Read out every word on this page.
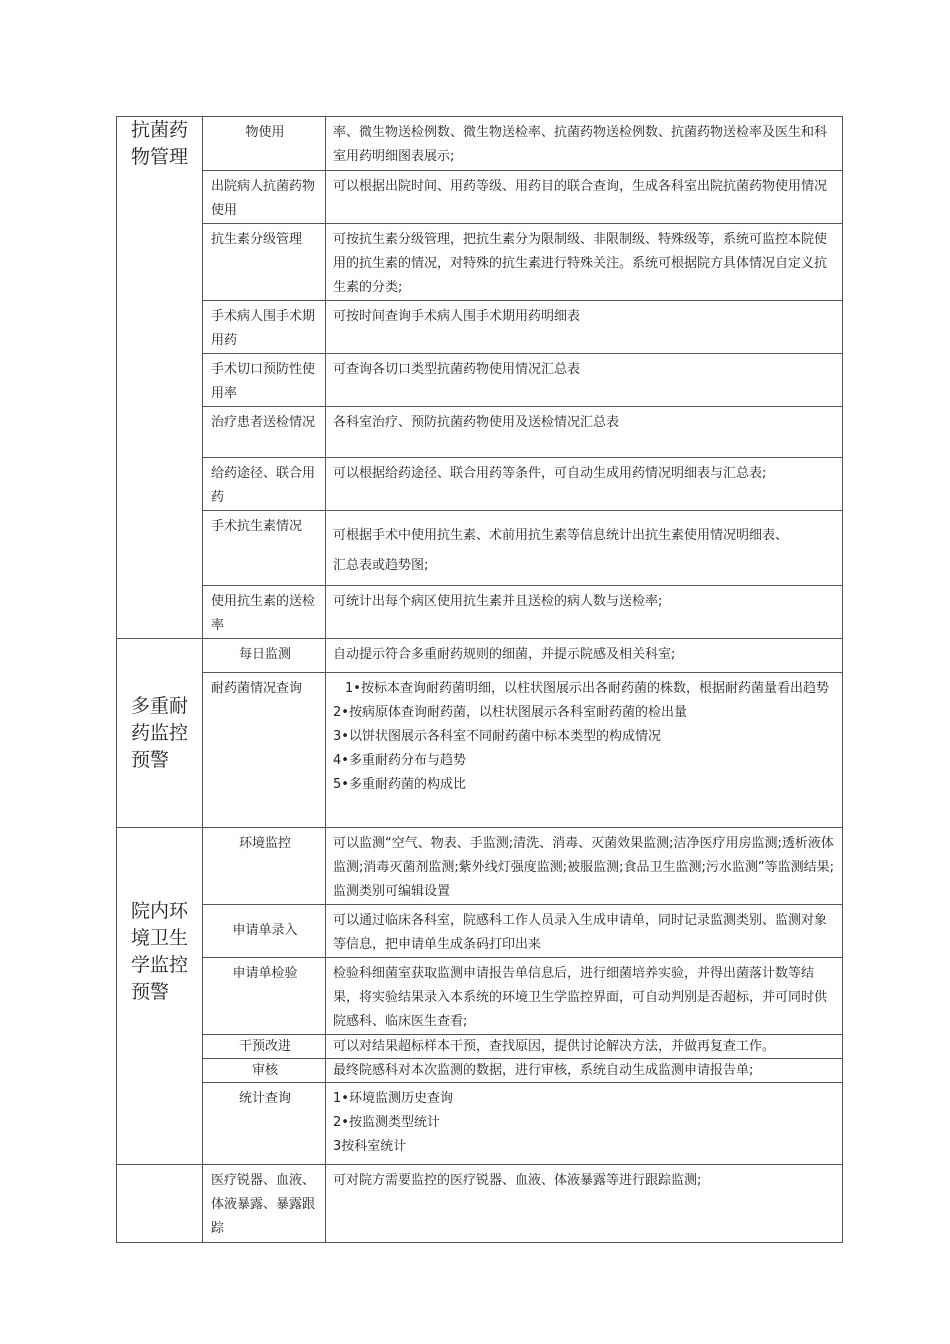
抗菌药物管理	物使用	率、微生物送检例数、微生物送检率、抗菌药物送检例数、抗菌药物送检率及医生和科室用药明细图表展示;
	出院病人抗菌药物使用	可以根据出院时间、用药等级、用药目的联合查询，生成各科室出院抗菌药物使用情况
	抗生素分级管理	可按抗生素分级管理，把抗生素分为限制级、非限制级、特殊级等，系统可监控本院使用的抗生素的情况，对特殊的抗生素进行特殊关注。系统可根据院方具体情况自定义抗生素的分类;
	手术病人围手术期用药	可按时间查询手术病人围手术期用药明细表
	手术切口预防性使用率	可查询各切口类型抗菌药物使用情况汇总表
	治疗患者送检情况	各科室治疗、预防抗菌药物使用及送检情况汇总表
	给药途径、联合用药	可以根据给药途径、联合用药等条件，可自动生成用药情况明细表与汇总表;
	手术抗生素情况	可根据手术中使用抗生素、术前用抗生素等信息统计出抗生素使用情况明细表、
汇总表或趋势图;

	使用抗生素的送检率	可统计出每个病区使用抗生素并且送检的病人数与送检率;

多重耐药监控预警	每日监测	自动提示符合多重耐药规则的细菌，并提示院感及相关科室;
	耐药菌情况查询	1•按标本查询耐药菌明细，以柱状图展示出各耐药菌的株数，根据耐药菌量看出趋势
2•按病原体查询耐药菌，以柱状图展示各科室耐药菌的检出量
3•以饼状图展示各科室不同耐药菌中标本类型的构成情况
4•多重耐药分布与趋势
5•多重耐药菌的构成比

院内环境卫生学监控预警	环境监控	可以监测“空气、物表、手监测;清洗、消毒、灭菌效果监测;洁净医疗用房监测;透析液体监测;消毒灭菌剂监测;紫外线灯强度监测;被服监测;食品卫生监测;污水监测”等监测结果;监测类别可编辑设置
	申请单录入	可以通过临床各科室，院感科工作人员录入生成申请单，同时记录监测类别、监测对象等信息，把申请单生成条码打印出来
	申请单检验	检验科细菌室获取监测申请报告单信息后，进行细菌培养实验，并得出菌落计数等结果，将实验结果录入本系统的环境卫生学监控界面，可自动判别是否超标，并可同时供院感科、临床医生查看;
	干预改进	可以对结果超标样本干预，查找原因，提供讨论解决方法，并做再复查工作。
	审核	最终院感科对本次监测的数据，进行审核，系统自动生成监测申请报告单;
	统计查询	1•环境监测历史查询
2•按监测类型统计
3按科室统计

	医疗锐器、血液、体液暴露、暴露跟踪	可对院方需要监控的医疗锐器、血液、体液暴露等进行跟踪监测;
